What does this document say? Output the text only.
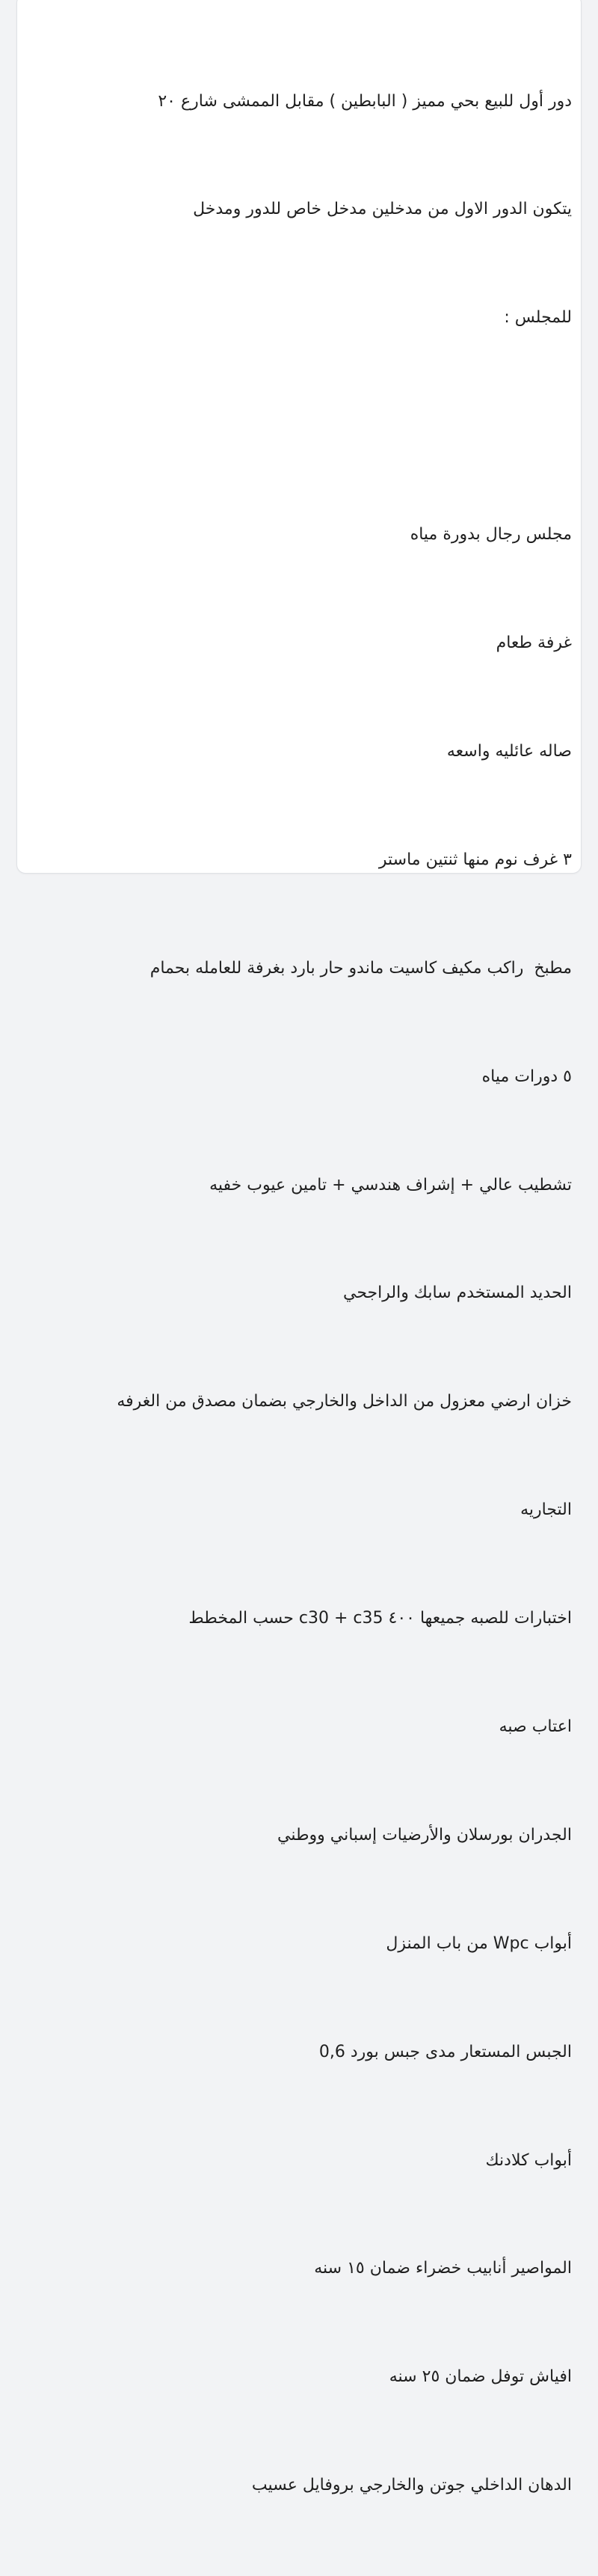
دور أول للبيع بحي مميز ( البابطين ) مقابل الممشى شارع ٢٠

يتكون الدور الاول من مدخلين مدخل خاص للدور ومدخل

للمجلس :

مجلس رجال بدورة مياه

غرفة طعام

صاله عائليه واسعه

٣ غرف نوم منها ثنتين ماستر

مطبخ  راكب مكيف كاسيت ماندو حار بارد بغرفة للعامله بحمام

٥ دورات مياه

تشطيب عالي + إشراف هندسي + تامين عيوب خفيه

الحديد المستخدم سابك والراجحي

خزان ارضي معزول من الداخل والخارجي بضمان مصدق من الغرفه

التجاريه

اختبارات للصبه جميعها ٤٠٠ c30 + c35 حسب المخطط

اعتاب صبه

الجدران بورسلان والأرضيات إسباني ووطني

أبواب Wpc من باب المنزل

الجبس المستعار مدى جبس بورد 0,6

أبواب كلادنك

المواصير أنابيب خضراء ضمان ١٥ سنه

افياش توفل ضمان ٢٥ سنه

الدهان الداخلي جوتن والخارجي بروفايل عسيب
